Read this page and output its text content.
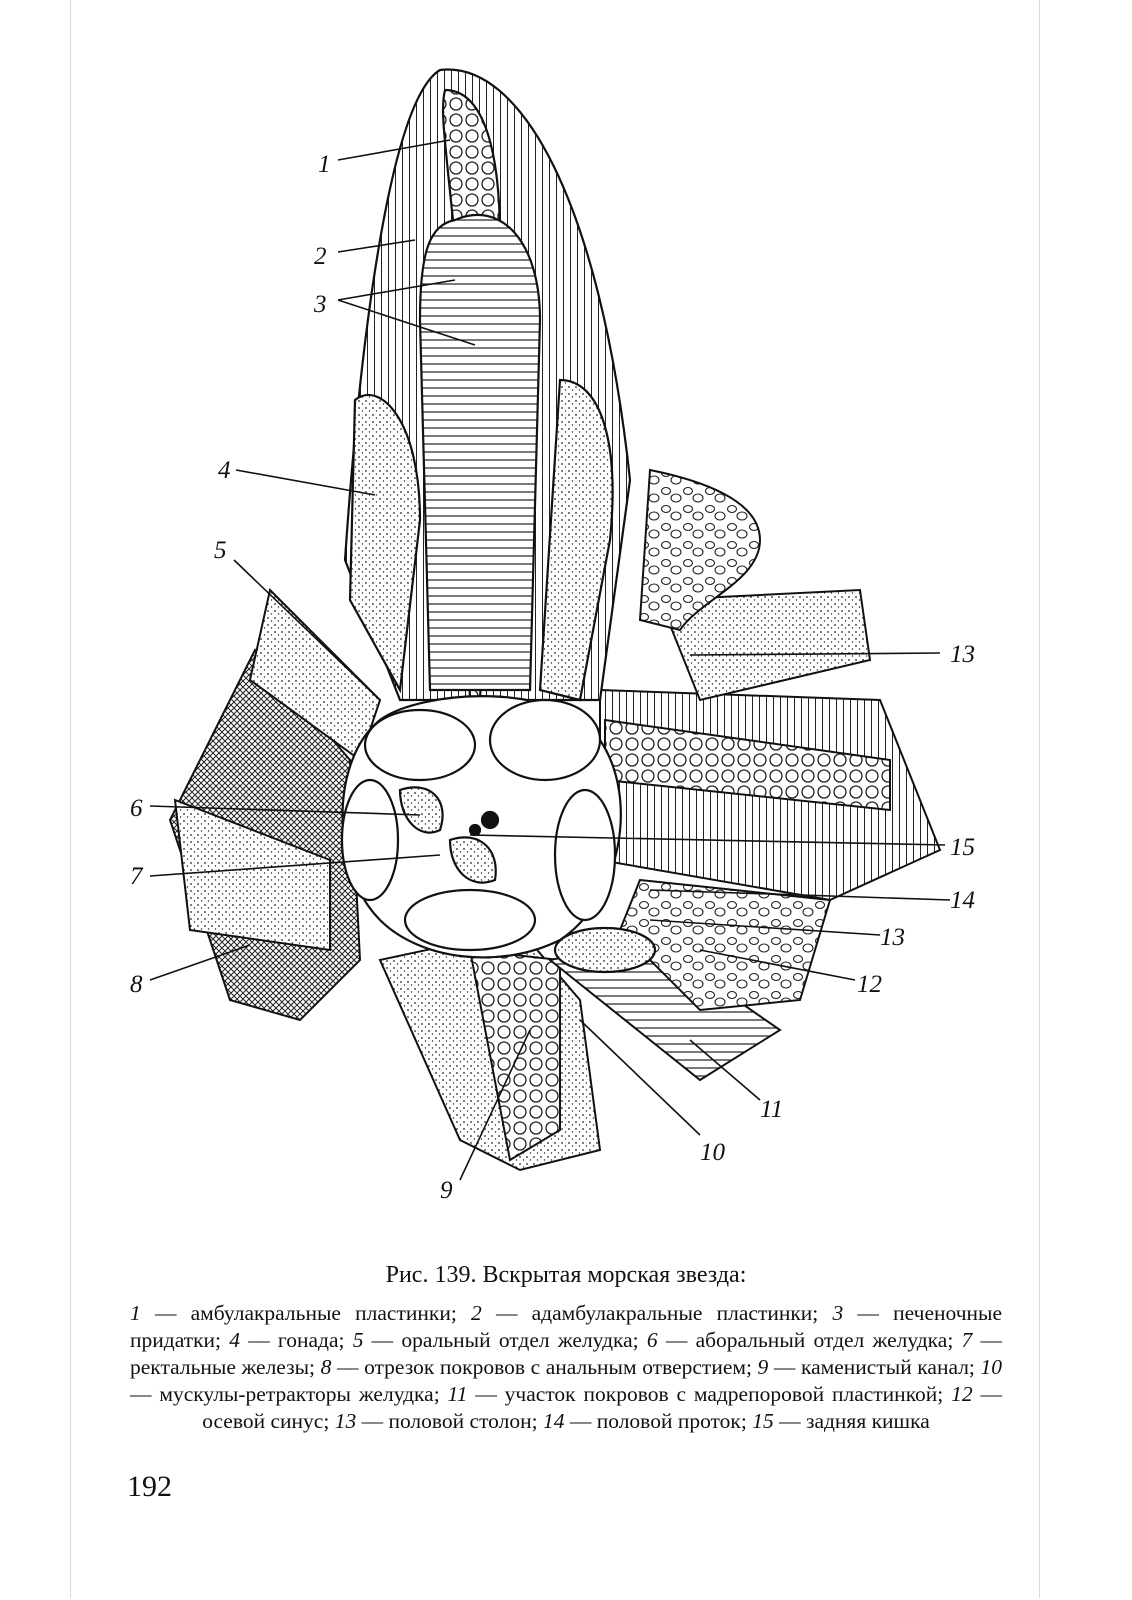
1
2
3
4
5
6
7
8
9
10
11
12
13
13
14
15
Рис. 139. Вскрытая морская звезда:
1 — амбулакральные пластинки; 2 — адамбулакральные пластинки; 3 — печеночные придатки; 4 — гонада; 5 — оральный отдел желудка; 6 — аборальный отдел желудка; 7 — ректальные железы; 8 — отрезок покровов с анальным отверстием; 9 — каменистый канал; 10 — мускулы-ретракторы желудка; 11 — участок покровов с мадрепоровой пластинкой; 12 — осевой синус; 13 — половой столон; 14 — половой проток; 15 — задняя кишка
192
